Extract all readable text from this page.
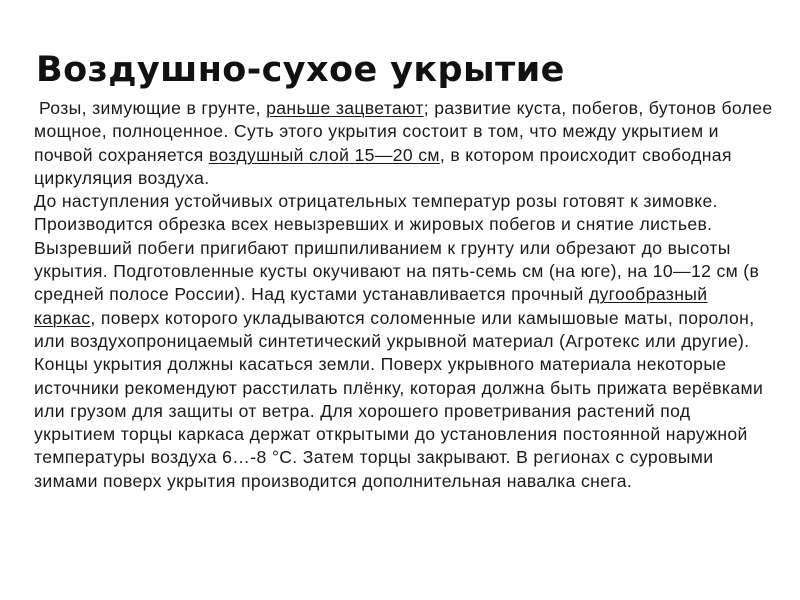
Воздушно-сухое укрытие

Розы, зимующие в грунте, раньше зацветают; развитие куста, побегов, бутонов более мощное, полноценное. Суть этого укрытия состоит в том, что между укрытием и почвой сохраняется воздушный слой 15—20 см, в котором происходит свободная циркуляция воздуха.

До наступления устойчивых отрицательных температур розы готовят к зимовке. Производится обрезка всех невызревших и жировых побегов и снятие листьев. Вызревший побеги пригибают пришпиливанием к грунту или обрезают до высоты укрытия. Подготовленные кусты окучивают на пять-семь см (на юге), на 10—12 см (в средней полосе России). Над кустами устанавливается прочный дугообразный каркас, поверх которого укладываются соломенные или камышовые маты, поролон, или воздухопроницаемый синтетический укрывной материал (Агротекс или другие). Концы укрытия должны касаться земли. Поверх укрывного материала некоторые источники рекомендуют расстилать плёнку, которая должна быть прижата верёвками или грузом для защиты от ветра. Для хорошего проветривания растений под укрытием торцы каркаса держат открытыми до установления постоянной наружной температуры воздуха 6…-8 °С. Затем торцы закрывают. В регионах с суровыми зимами поверх укрытия производится дополнительная навалка снега.
